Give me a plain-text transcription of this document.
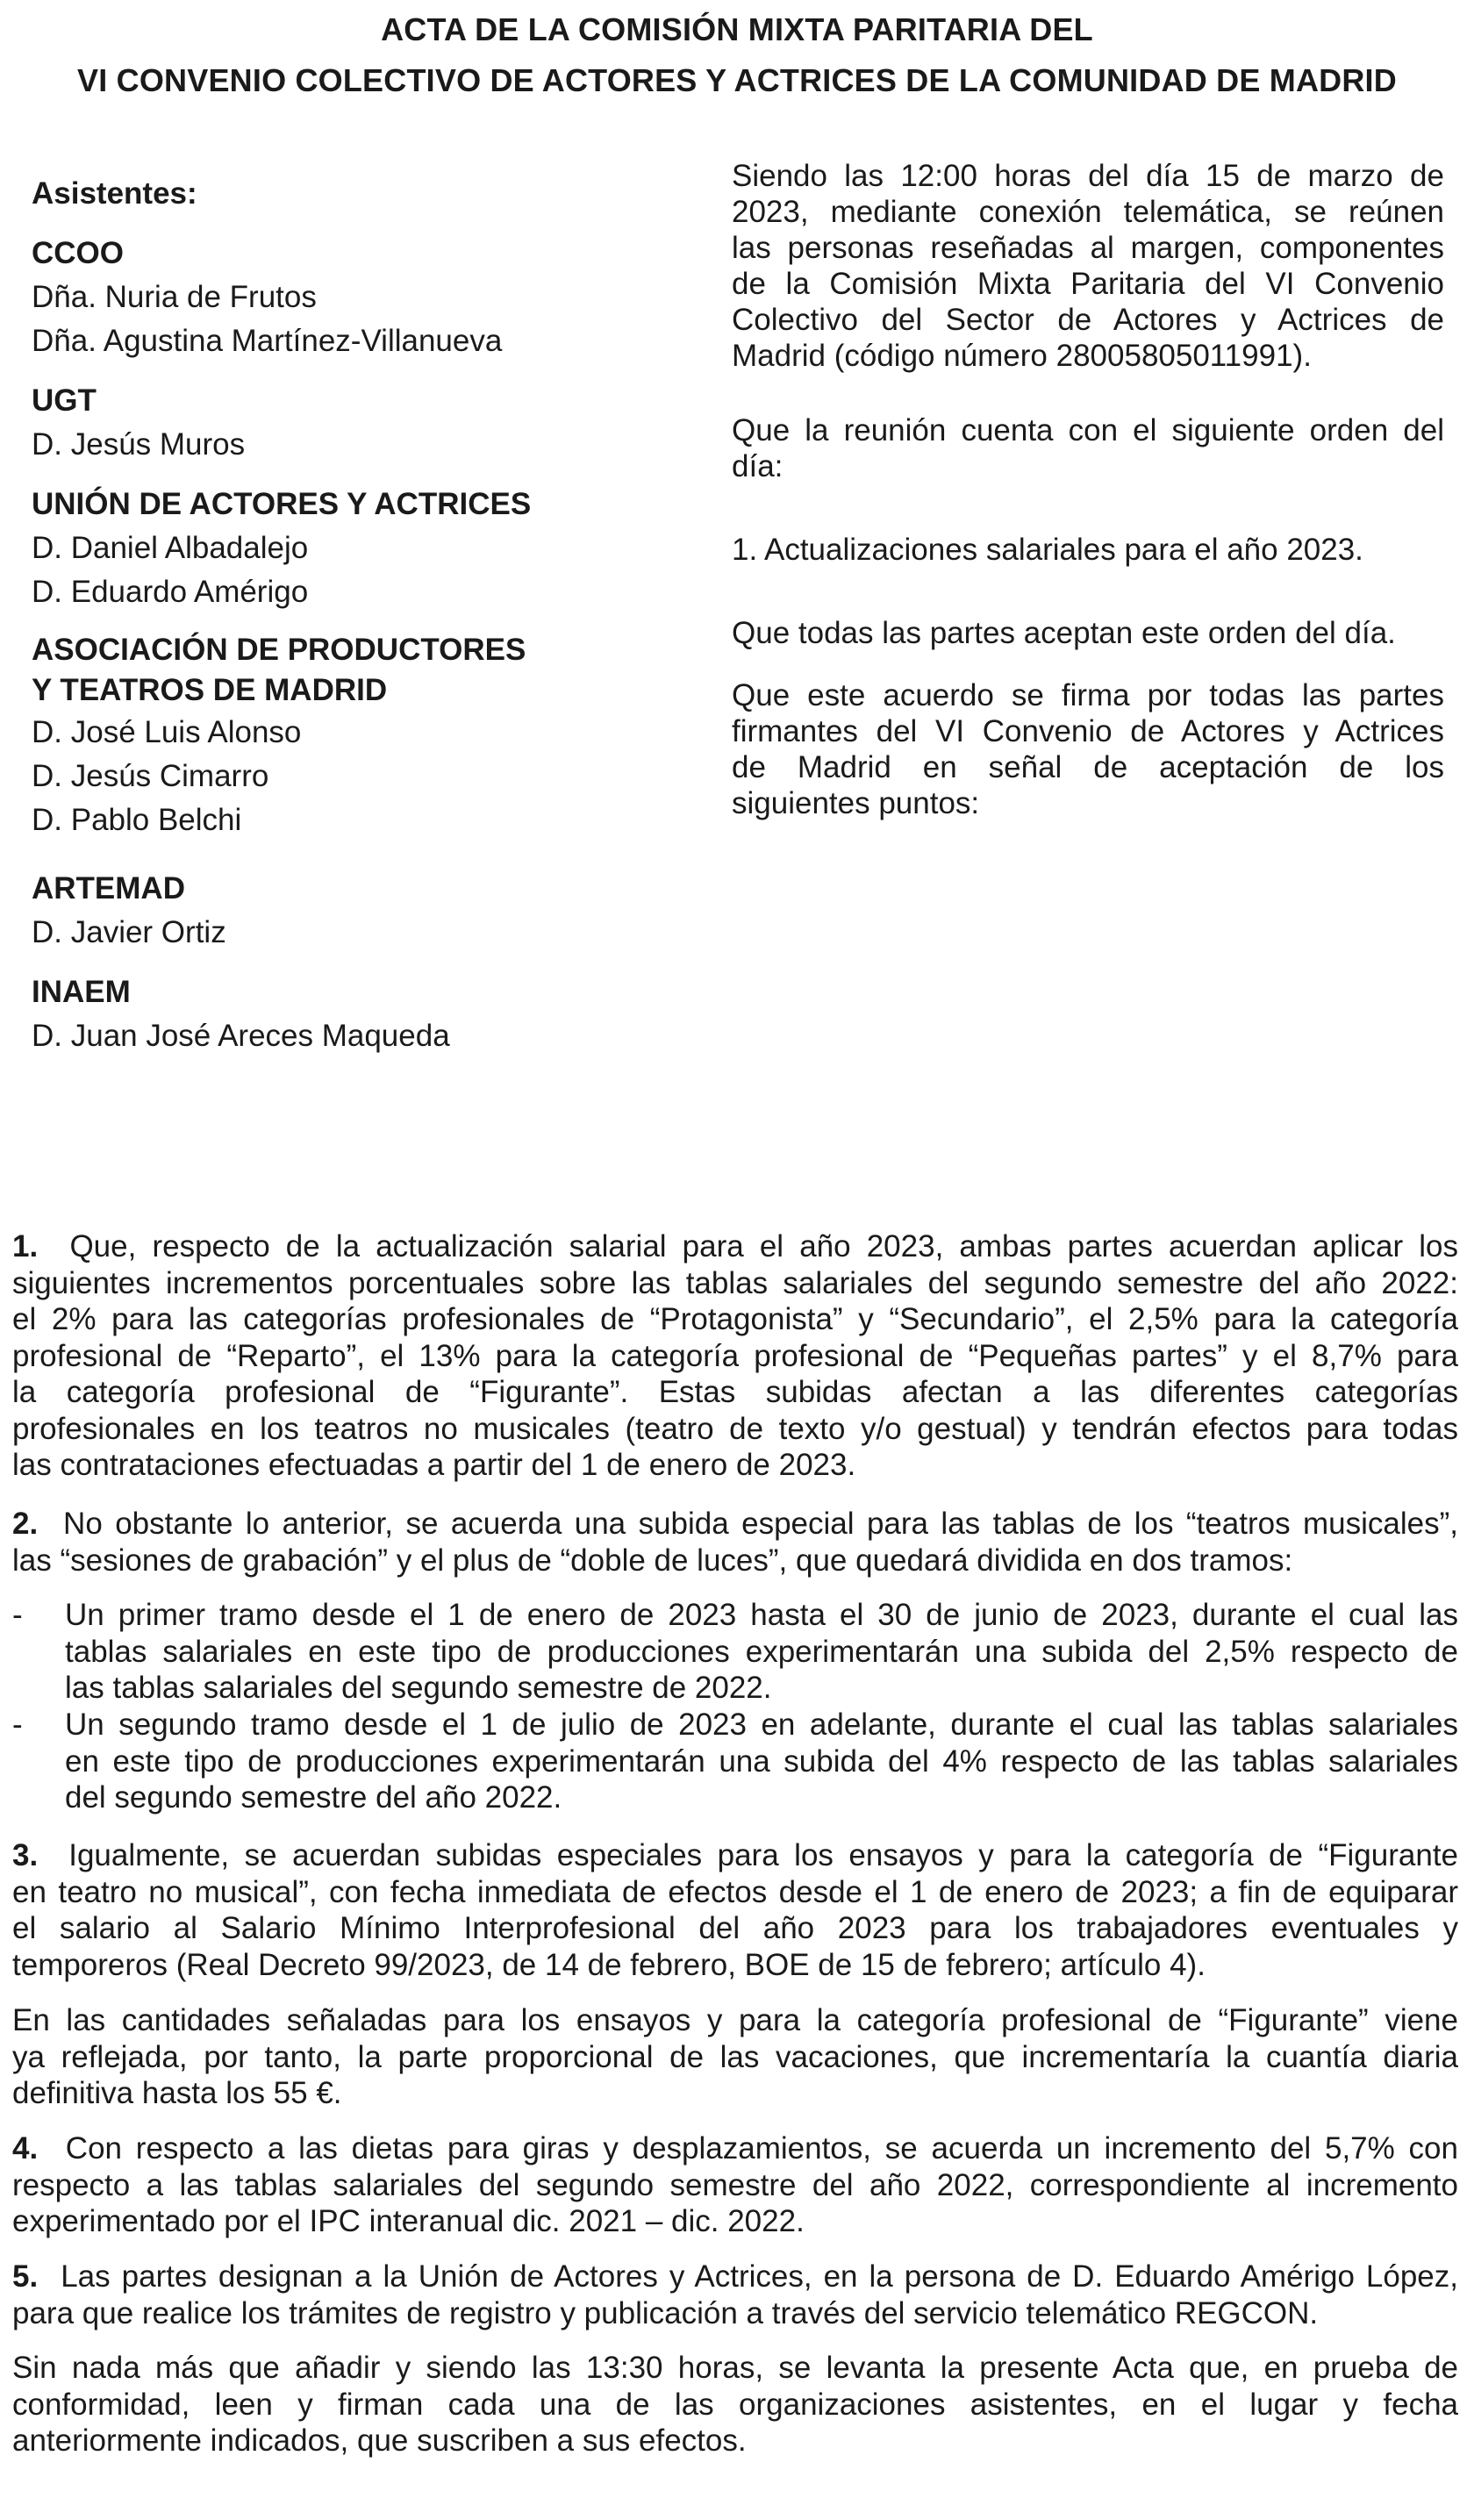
ACTA DE LA COMISIÓN MIXTA PARITARIA DEL
VI CONVENIO COLECTIVO DE ACTORES Y ACTRICES DE LA COMUNIDAD DE MADRID

Asistentes:

CCOO

Dña. Nuria de Frutos

Dña. Agustina Martínez-Villanueva

UGT

D. Jesús Muros

UNIÓN DE ACTORES Y ACTRICES

D. Daniel Albadalejo

D. Eduardo Amérigo

ASOCIACIÓN DE PRODUCTORES

Y TEATROS DE MADRID

D. José Luis Alonso

D. Jesús Cimarro

D. Pablo Belchi

ARTEMAD

D. Javier Ortiz

INAEM

D. Juan José Areces Maqueda

Siendo las 12:00 horas del día 15 de marzo de
2023, mediante conexión telemática, se reúnen
las personas reseñadas al margen, componentes
de la Comisión Mixta Paritaria del VI Convenio
Colectivo del Sector de Actores y Actrices de
Madrid (código número 28005805011991).
Que la reunión cuenta con el siguiente orden del
día:
1. Actualizaciones salariales para el año 2023.
Que todas las partes aceptan este orden del día.
Que este acuerdo se firma por todas las partes
firmantes del VI Convenio de Actores y Actrices
de Madrid en señal de aceptación de los
siguientes puntos:
1. Que, respecto de la actualización salarial para el año 2023, ambas partes acuerdan aplicar los
siguientes incrementos porcentuales sobre las tablas salariales del segundo semestre del año 2022:
el 2% para las categorías profesionales de “Protagonista” y “Secundario”, el 2,5% para la categoría
profesional de “Reparto”, el 13% para la categoría profesional de “Pequeñas partes” y el 8,7% para
la categoría profesional de “Figurante”. Estas subidas afectan a las diferentes categorías
profesionales en los teatros no musicales (teatro de texto y/o gestual) y tendrán efectos para todas
las contrataciones efectuadas a partir del 1 de enero de 2023.
2. No obstante lo anterior, se acuerda una subida especial para las tablas de los “teatros musicales”,
las “sesiones de grabación” y el plus de “doble de luces”, que quedará dividida en dos tramos:
- Un primer tramo desde el 1 de enero de 2023 hasta el 30 de junio de 2023, durante el cual las
tablas salariales en este tipo de producciones experimentarán una subida del 2,5% respecto de
las tablas salariales del segundo semestre de 2022.
- Un segundo tramo desde el 1 de julio de 2023 en adelante, durante el cual las tablas salariales
en este tipo de producciones experimentarán una subida del 4% respecto de las tablas salariales
del segundo semestre del año 2022.
3. Igualmente, se acuerdan subidas especiales para los ensayos y para la categoría de “Figurante
en teatro no musical”, con fecha inmediata de efectos desde el 1 de enero de 2023; a fin de equiparar
el salario al Salario Mínimo Interprofesional del año 2023 para los trabajadores eventuales y
temporeros (Real Decreto 99/2023, de 14 de febrero, BOE de 15 de febrero; artículo 4).
En las cantidades señaladas para los ensayos y para la categoría profesional de “Figurante” viene
ya reflejada, por tanto, la parte proporcional de las vacaciones, que incrementaría la cuantía diaria
definitiva hasta los 55 €.
4. Con respecto a las dietas para giras y desplazamientos, se acuerda un incremento del 5,7% con
respecto a las tablas salariales del segundo semestre del año 2022, correspondiente al incremento
experimentado por el IPC interanual dic. 2021 – dic. 2022.
5. Las partes designan a la Unión de Actores y Actrices, en la persona de D. Eduardo Amérigo López,
para que realice los trámites de registro y publicación a través del servicio telemático REGCON.
Sin nada más que añadir y siendo las 13:30 horas, se levanta la presente Acta que, en prueba de
conformidad, leen y firman cada una de las organizaciones asistentes, en el lugar y fecha
anteriormente indicados, que suscriben a sus efectos.
